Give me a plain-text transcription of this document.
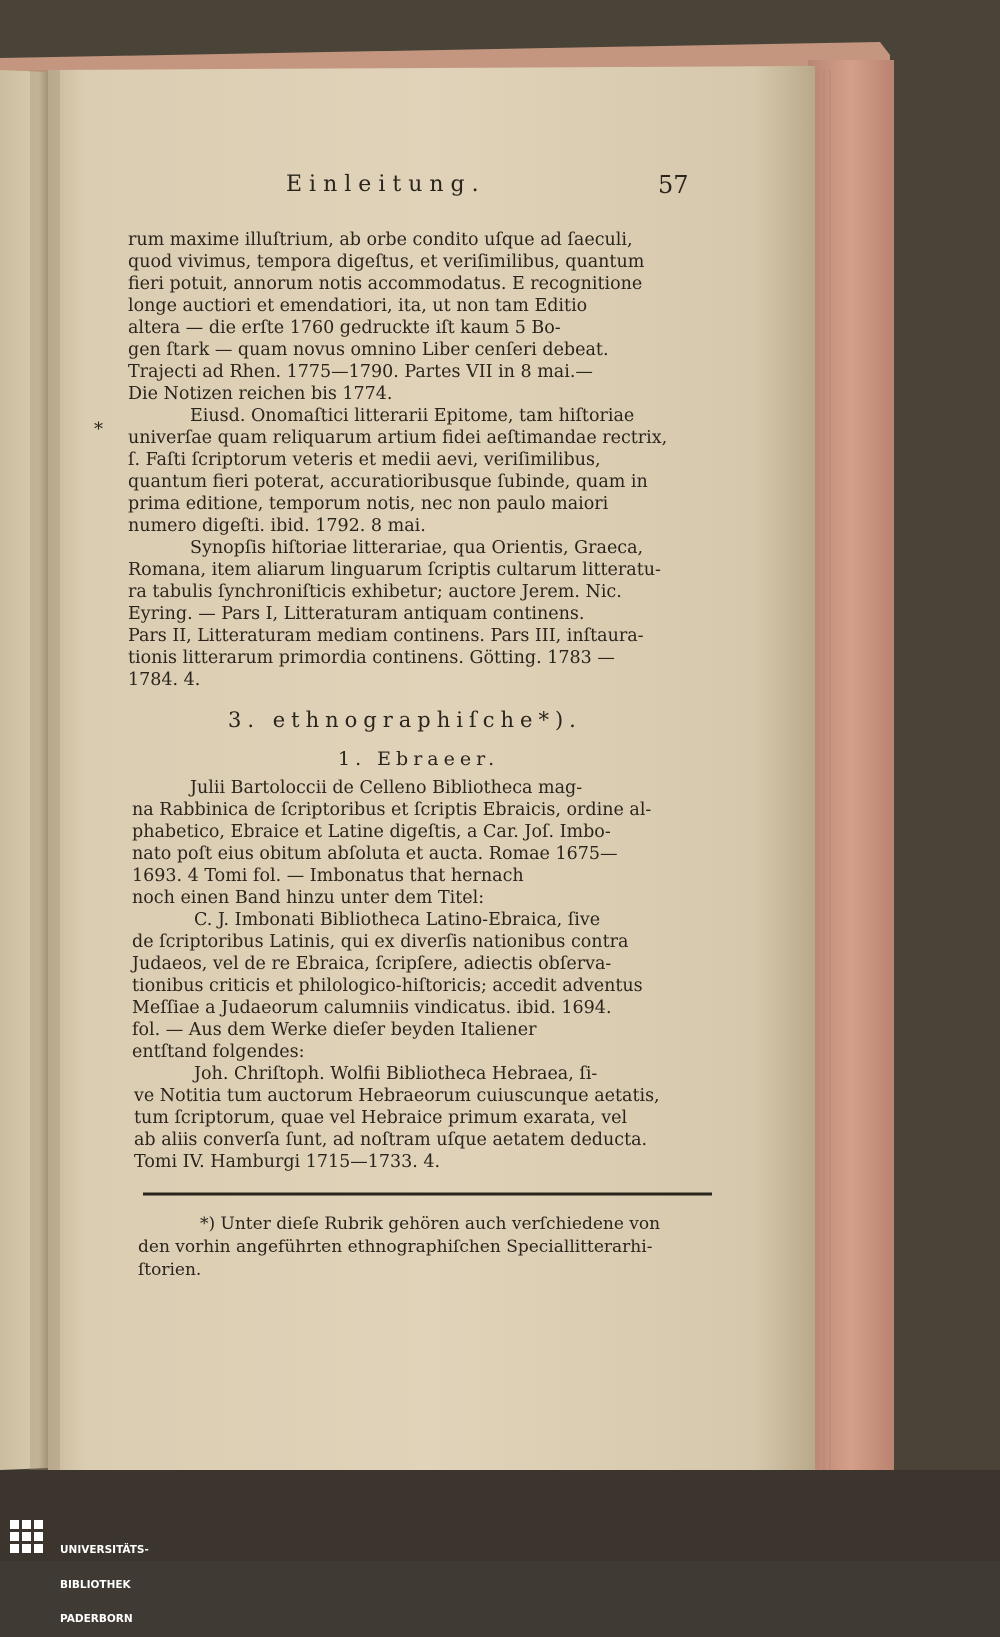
Einleitung.	57
rum maxime illuſtrium, ab orbe condito uſque ad ſaeculi,
quod vivimus, tempora digeſtus, et veriſimilibus, quantum
fieri potuit, annorum notis accommodatus. E recognitione
longe auctiori et emendatiori, ita, ut non tam Editio
altera — die erſte 1760 gedruckte iſt kaum 5 Bo-
gen ſtark — quam novus omnino Liber cenſeri debeat.
Trajecti ad Rhen. 1775—1790. Partes VII in 8 mai.—
Die Notizen reichen bis 1774.
Eiusd. Onomaſtici litterarii Epitome, tam hiſtoriae
* univerſae quam reliquarum artium fidei aeſtimandae rectrix,
ſ. Faſti ſcriptorum veteris et medii aevi, veriſimilibus,
quantum fieri poterat, accuratioribusque ſubinde, quam in
prima editione, temporum notis, nec non paulo maiori
numero digeſti. ibid. 1792. 8 mai.
Synopſis hiſtoriae litterariae, qua Orientis, Graeca,
Romana, item aliarum linguarum ſcriptis cultarum litteratu-
ra tabulis ſynchroniſticis exhibetur; auctore Jerem. Nic.
Eyring. — Pars I, Litteraturam antiquam continens.
Pars II, Litteraturam mediam continens. Pars III, inſtaura-
tionis litterarum primordia continens. Götting. 1783 —
1784. 4.
3. ethnographiſche*).
1. Ebraeer.
Julii Bartoloccii de Celleno Bibliotheca mag-
na Rabbinica de ſcriptoribus et ſcriptis Ebraicis, ordine al-
phabetico, Ebraice et Latine digeſtis, a Car. Joſ. Imbo-
nato poſt eius obitum abſoluta et aucta. Romae 1675—
1693. 4 Tomi fol. — Imbonatus that hernach
noch einen Band hinzu unter dem Titel:
C. J. Imbonati Bibliotheca Latino-Ebraica, ſive
de ſcriptoribus Latinis, qui ex diverſis nationibus contra
Judaeos, vel de re Ebraica, ſcripſere, adiectis obſerva-
tionibus criticis et philologico-hiſtoricis; accedit adventus
Meſſiae a Judaeorum calumniis vindicatus. ibid. 1694.
fol. — Aus dem Werke dieſer beyden Italiener
entſtand folgendes:
Joh. Chriſtoph. Wolfii Bibliotheca Hebraea, ſi-
ve Notitia tum auctorum Hebraeorum cuiuscunque aetatis,
tum ſcriptorum, quae vel Hebraice primum exarata, vel
ab aliis converſa ſunt, ad noſtram uſque aetatem deducta.
Tomi IV. Hamburgi 1715—1733. 4.
*) Unter dieſe Rubrik gehören auch verſchiedene von
den vorhin angeführten ethnographiſchen Speciallitterarhi-
ſtorien.

UNIVERSITÄTS-

BIBLIOTHEK

PADERBORN
